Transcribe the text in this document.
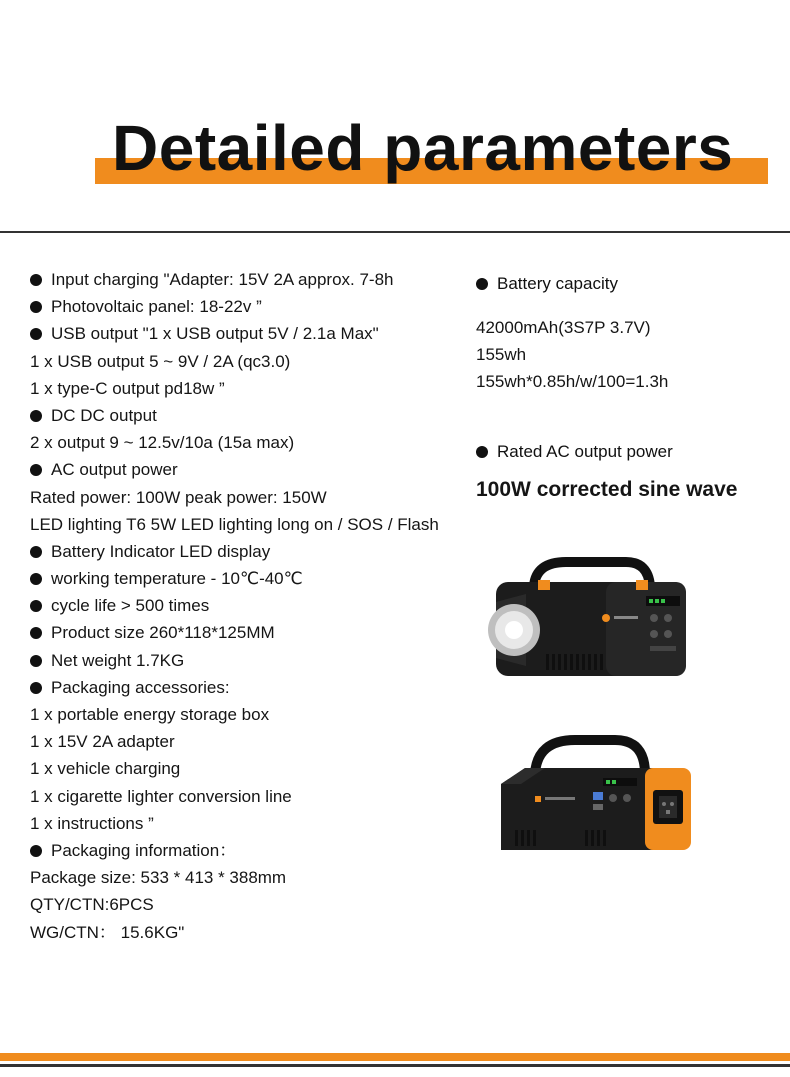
Detailed parameters
Input charging "Adapter: 15V 2A approx. 7-8h
Photovoltaic panel: 18-22v ”
USB output "1 x USB output 5V / 2.1a Max"
1 x USB output 5 ~ 9V / 2A (qc3.0)
1 x type-C output pd18w ”
DC DC output
2 x output 9 ~ 12.5v/10a (15a max)
AC output power
Rated power: 100W peak power: 150W
LED lighting T6 5W LED lighting long on / SOS / Flash
Battery Indicator LED display
working temperature - 10℃-40℃
cycle life > 500 times
Product size 260*118*125MM
Net weight 1.7KG
Packaging accessories:
1 x portable energy storage box
1 x 15V 2A adapter
1 x vehicle charging
1 x cigarette lighter conversion line
1 x instructions ”
Packaging information：
Package size: 533 * 413 * 388mm
QTY/CTN:6PCS
WG/CTN： 15.6KG"
Battery capacity
42000mAh(3S7P 3.7V)
155wh
155wh*0.85h/w/100=1.3h
Rated AC output power
100W corrected sine wave
